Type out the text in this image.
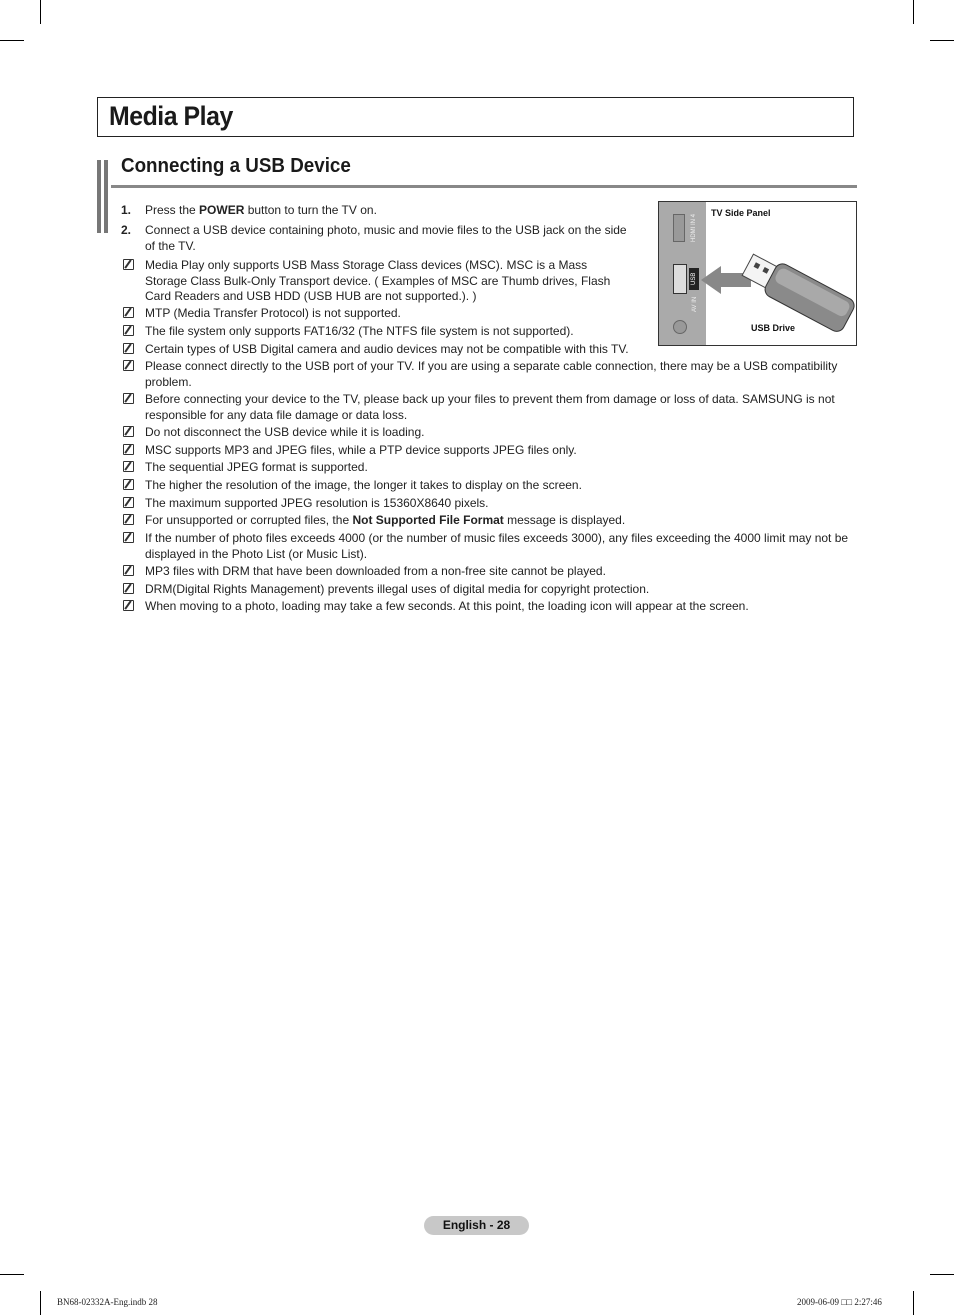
Media Play
Connecting a USB Device
1. Press the POWER button to turn the TV on.
2. Connect a USB device containing photo, music and movie files to the USB jack on the side of the TV.
Media Play only supports USB Mass Storage Class devices (MSC). MSC is a Mass Storage Class Bulk-Only Transport device. ( Examples of MSC are Thumb drives, Flash Card Readers and USB HDD (USB HUB are not supported.). )
MTP (Media Transfer Protocol) is not supported.
The file system only supports FAT16/32 (The NTFS file system is not supported).
Certain types of USB Digital camera and audio devices may not be compatible with this TV.
Please connect directly to the USB port of your TV. If you are using a separate cable connection, there may be a USB compatibility problem.
Before connecting your device to the TV, please back up your files to prevent them from damage or loss of data. SAMSUNG is not responsible for any data file damage or data loss.
Do not disconnect the USB device while it is loading.
MSC supports MP3 and JPEG files, while a PTP device supports JPEG files only.
The sequential JPEG format is supported.
The higher the resolution of the image, the longer it takes to display on the screen.
The maximum supported JPEG resolution is 15360X8640 pixels.
For unsupported or corrupted files, the Not Supported File Format message is displayed.
If the number of photo files exceeds 4000 (or the number of music files exceeds 3000), any files exceeding the 4000 limit may not be displayed in the Photo List (or Music List).
MP3 files with DRM that have been downloaded from a non-free site cannot be played.
DRM(Digital Rights Management) prevents illegal uses of digital media for copyright protection.
When moving to a photo, loading may take a few seconds. At this point, the loading icon will appear at the screen.
HDMI IN 4
USB
AV IN
TV Side Panel
USB Drive
English - 28
BN68-02332A-Eng.indb 28	2009-06-09 □□ 2:27:46
